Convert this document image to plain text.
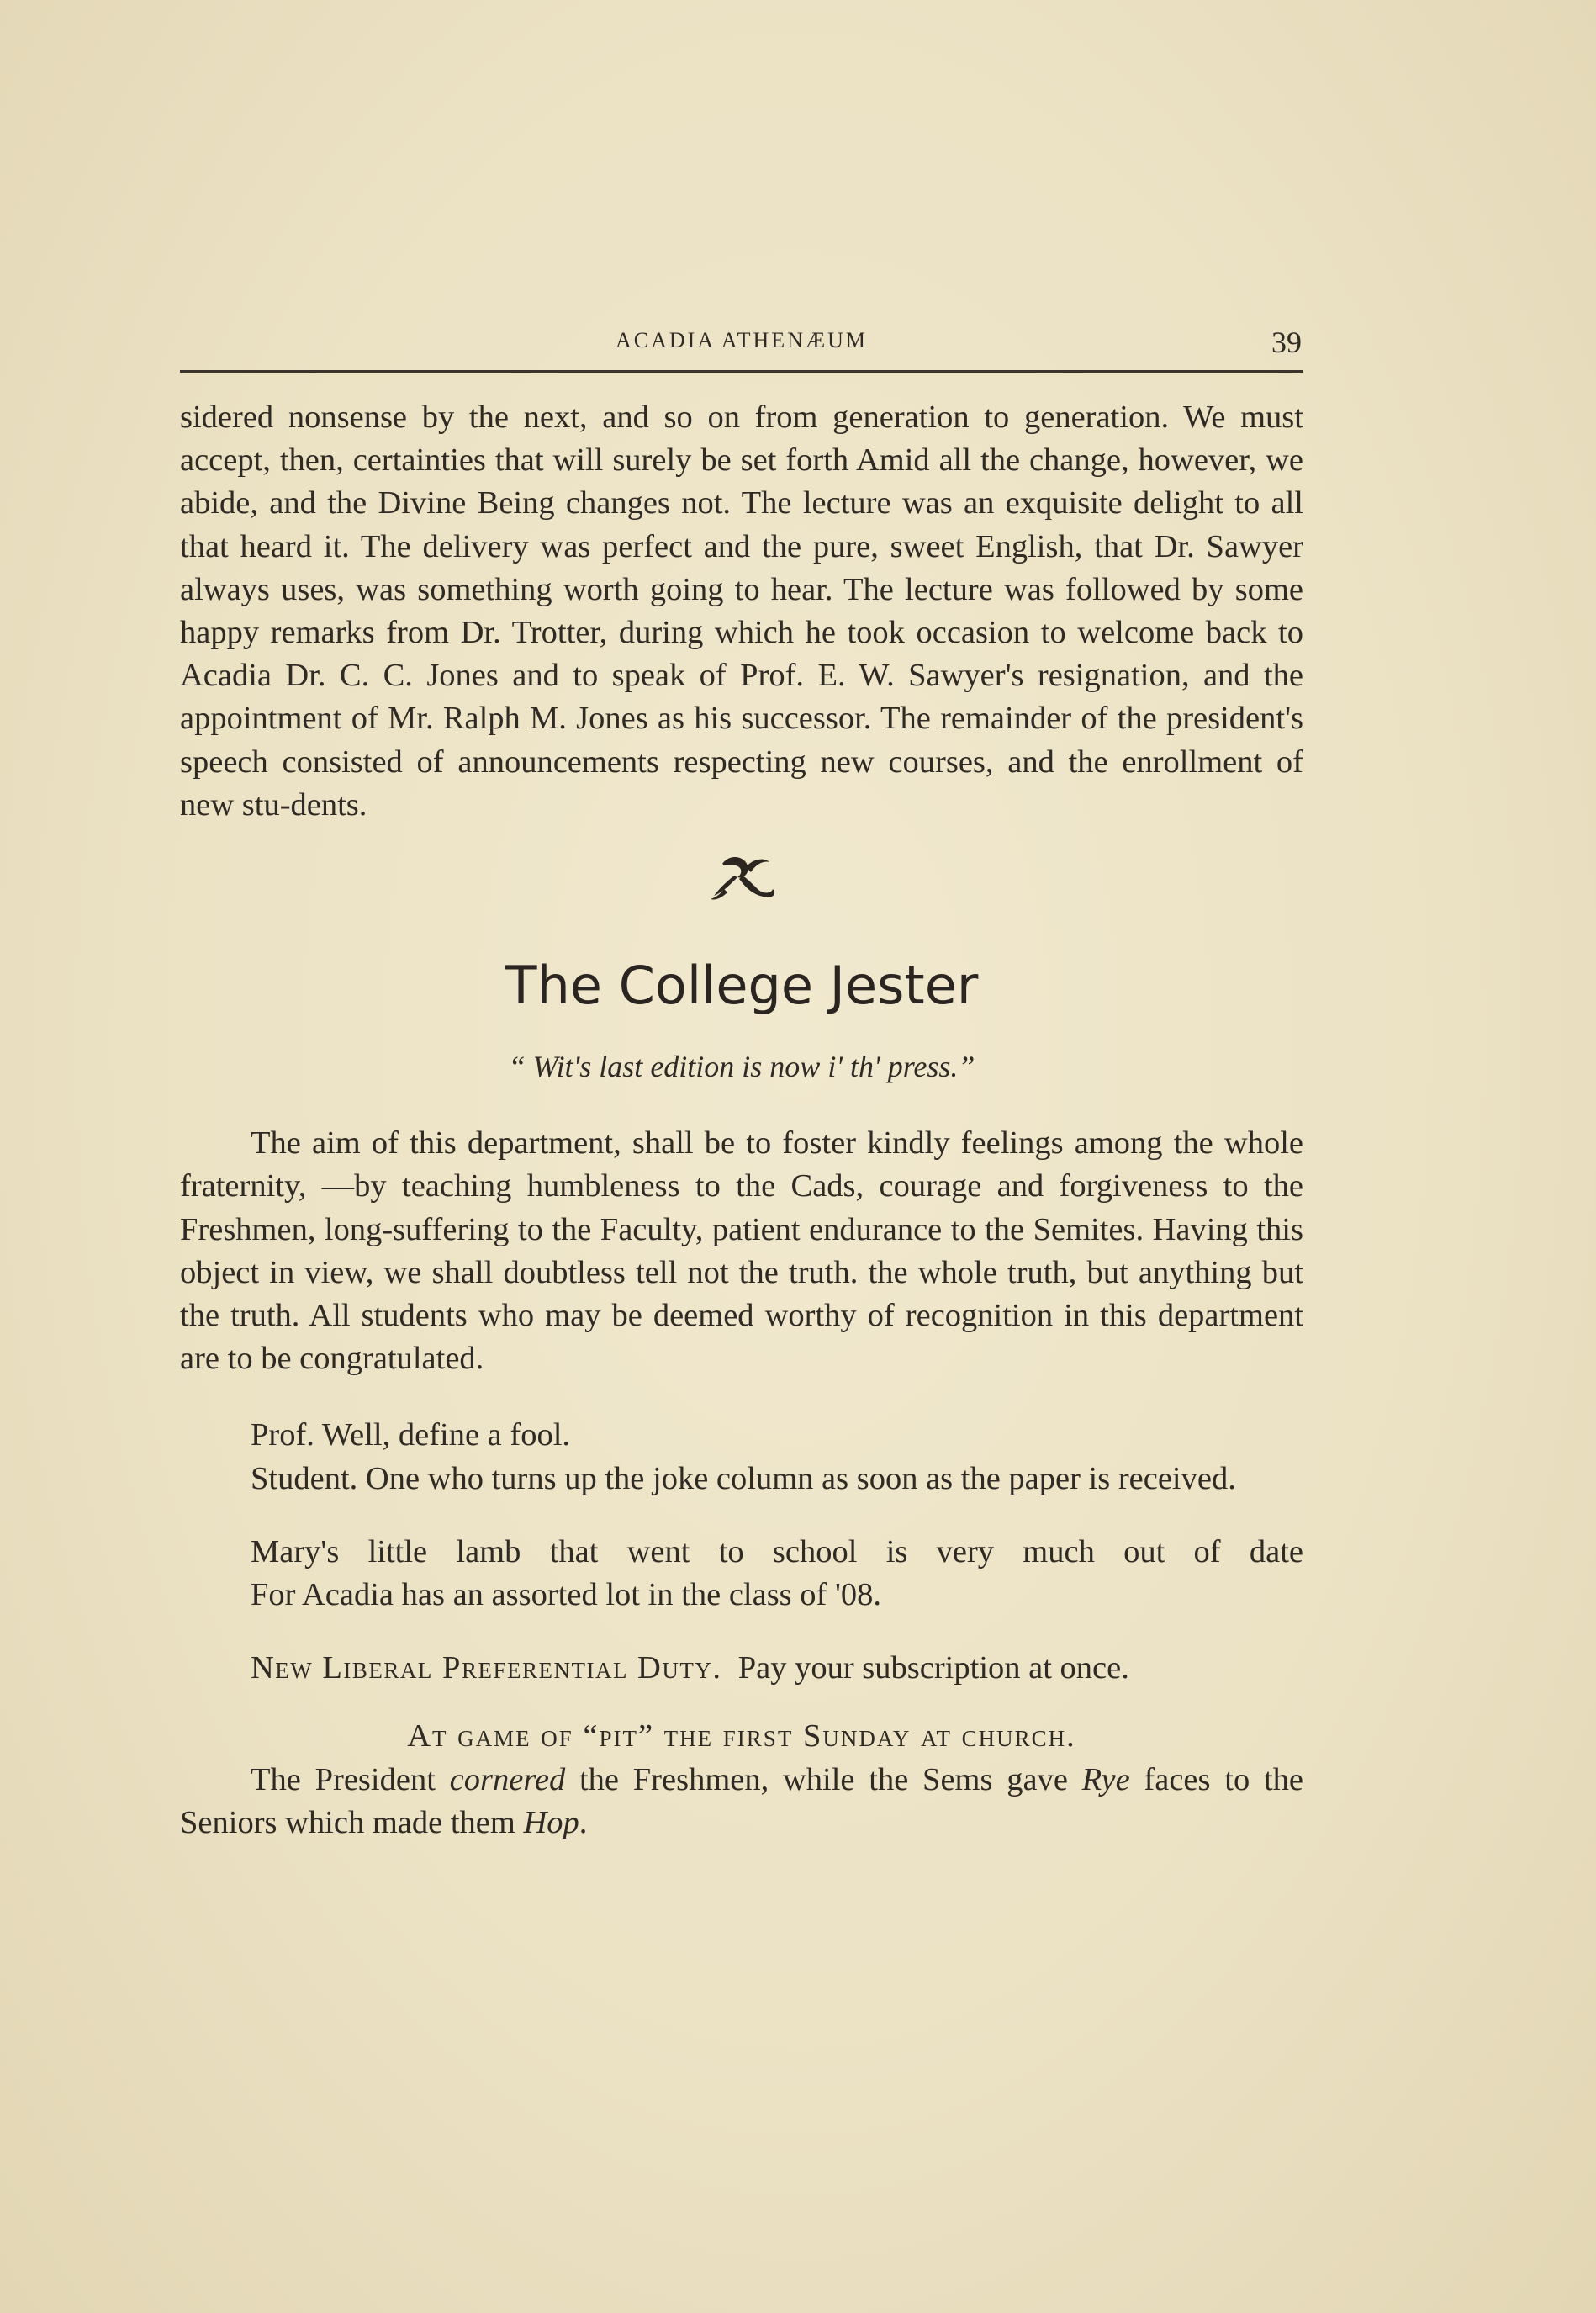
ACADIA ATHENÆUM	39

sidered nonsense by the next, and so on from generation to generation. We must accept, then, certainties that will surely be set forth Amid all the change, however, we abide, and the Divine Being changes not. The lecture was an exquisite delight to all that heard it. The delivery was perfect and the pure, sweet English, that Dr. Sawyer always uses, was something worth going to hear. The lecture was followed by some happy remarks from Dr. Trotter, during which he took occasion to welcome back to Acadia Dr. C. C. Jones and to speak of Prof. E. W. Sawyer's resignation, and the appointment of Mr. Ralph M. Jones as his successor. The remainder of the president's speech consisted of announcements respecting new courses, and the enrollment of new stu-dents.

The College Jester
“ Wit's last edition is now i' th' press.”

The aim of this department, shall be to foster kindly feelings among the whole fraternity, —by teaching humbleness to the Cads, courage and forgiveness to the Freshmen, long-suffering to the Faculty, patient endurance to the Semites. Having this object in view, we shall doubtless tell not the truth. the whole truth, but anything but the truth. All students who may be deemed worthy of recognition in this department are to be congratulated.

Prof. Well, define a fool.

Student. One who turns up the joke column as soon as the paper is received.

Mary's little lamb that went to school is very much out of date

For Acadia has an assorted lot in the class of '08.

New Liberal Preferential Duty. Pay your subscription at once.

At game of “pit” the first Sunday at church.

The President cornered the Freshmen, while the Sems gave Rye faces to the Seniors which made them Hop.
